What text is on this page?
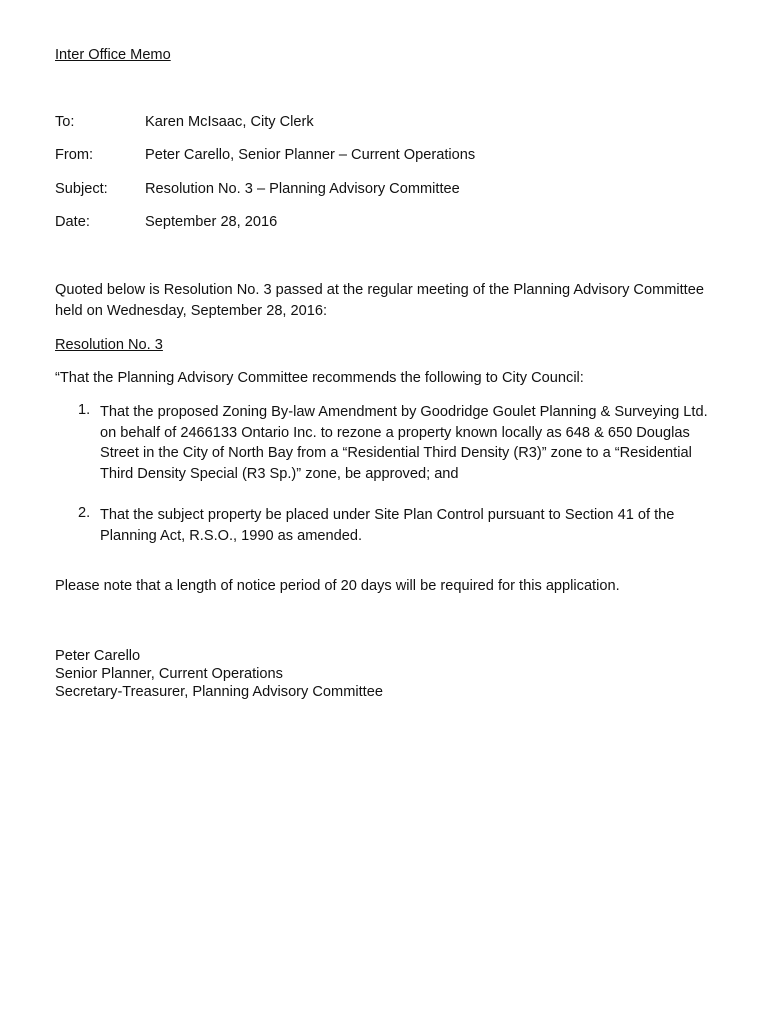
Inter Office Memo
To:	Karen McIsaac, City Clerk
From:	Peter Carello, Senior Planner – Current Operations
Subject:	Resolution No. 3 – Planning Advisory Committee
Date:	September 28, 2016

Quoted below is Resolution No. 3 passed at the regular meeting of the Planning Advisory Committee held on Wednesday, September 28, 2016:

Resolution No. 3

“That the Planning Advisory Committee recommends the following to City Council:

1. That the proposed Zoning By-law Amendment by Goodridge Goulet Planning & Surveying Ltd. on behalf of 2466133 Ontario Inc. to rezone a property known locally as 648 & 650 Douglas Street in the City of North Bay from a “Residential Third Density (R3)” zone to a “Residential Third Density Special (R3 Sp.)” zone, be approved; and

2. That the subject property be placed under Site Plan Control pursuant to Section 41 of the Planning Act, R.S.O., 1990 as amended.

Please note that a length of notice period of 20 days will be required for this application.

Peter Carello
Senior Planner, Current Operations
Secretary-Treasurer, Planning Advisory Committee
